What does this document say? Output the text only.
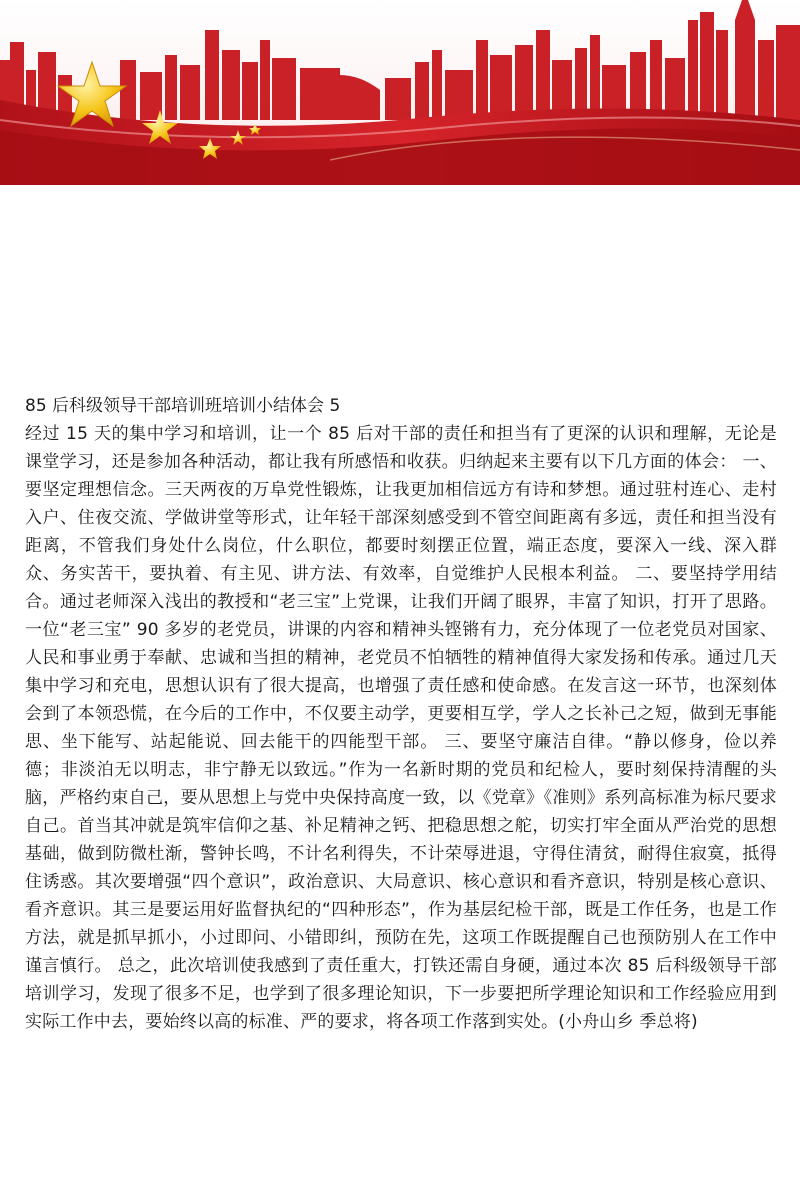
85 后科级领导干部培训班培训小结体会 5

经过 15 天的集中学习和培训，让一个 85 后对干部的责任和担当有了更深的认识和理解，无论是课堂学习，还是参加各种活动，都让我有所感悟和收获。归纳起来主要有以下几方面的体会： 一、要坚定理想信念。三天两夜的万阜党性锻炼，让我更加相信远方有诗和梦想。通过驻村连心、走村入户、住夜交流、学做讲堂等形式，让年轻干部深刻感受到不管空间距离有多远，责任和担当没有距离，不管我们身处什么岗位，什么职位，都要时刻摆正位置，端正态度，要深入一线、深入群众、务实苦干，要执着、有主见、讲方法、有效率，自觉维护人民根本利益。 二、要坚持学用结合。通过老师深入浅出的教授和“老三宝”上党课，让我们开阔了眼界，丰富了知识，打开了思路。一位“老三宝” 90 多岁的老党员，讲课的内容和精神头铿锵有力，充分体现了一位老党员对国家、人民和事业勇于奉献、忠诚和当担的精神，老党员不怕牺牲的精神值得大家发扬和传承。通过几天集中学习和充电，思想认识有了很大提高，也增强了责任感和使命感。在发言这一环节，也深刻体会到了本领恐慌，在今后的工作中，不仅要主动学，更要相互学，学人之长补己之短，做到无事能思、坐下能写、站起能说、回去能干的四能型干部。 三、要坚守廉洁自律。“静以修身，俭以养德；非淡泊无以明志，非宁静无以致远。”作为一名新时期的党员和纪检人，要时刻保持清醒的头脑，严格约束自己，要从思想上与党中央保持高度一致，以《党章》《准则》系列高标准为标尺要求自己。首当其冲就是筑牢信仰之基、补足精神之钙、把稳思想之舵，切实打牢全面从严治党的思想基础，做到防微杜渐，警钟长鸣，不计名利得失，不计荣辱进退，守得住清贫，耐得住寂寞，抵得住诱惑。其次要增强“四个意识”，政治意识、大局意识、核心意识和看齐意识，特别是核心意识、看齐意识。其三是要运用好监督执纪的“四种形态”，作为基层纪检干部，既是工作任务，也是工作方法，就是抓早抓小，小过即问、小错即纠，预防在先，这项工作既提醒自己也预防别人在工作中谨言慎行。 总之，此次培训使我感到了责任重大，打铁还需自身硬，通过本次 85 后科级领导干部培训学习，发现了很多不足，也学到了很多理论知识，下一步要把所学理论知识和工作经验应用到实际工作中去，要始终以高的标准、严的要求，将各项工作落到实处。(小舟山乡 季总将)
